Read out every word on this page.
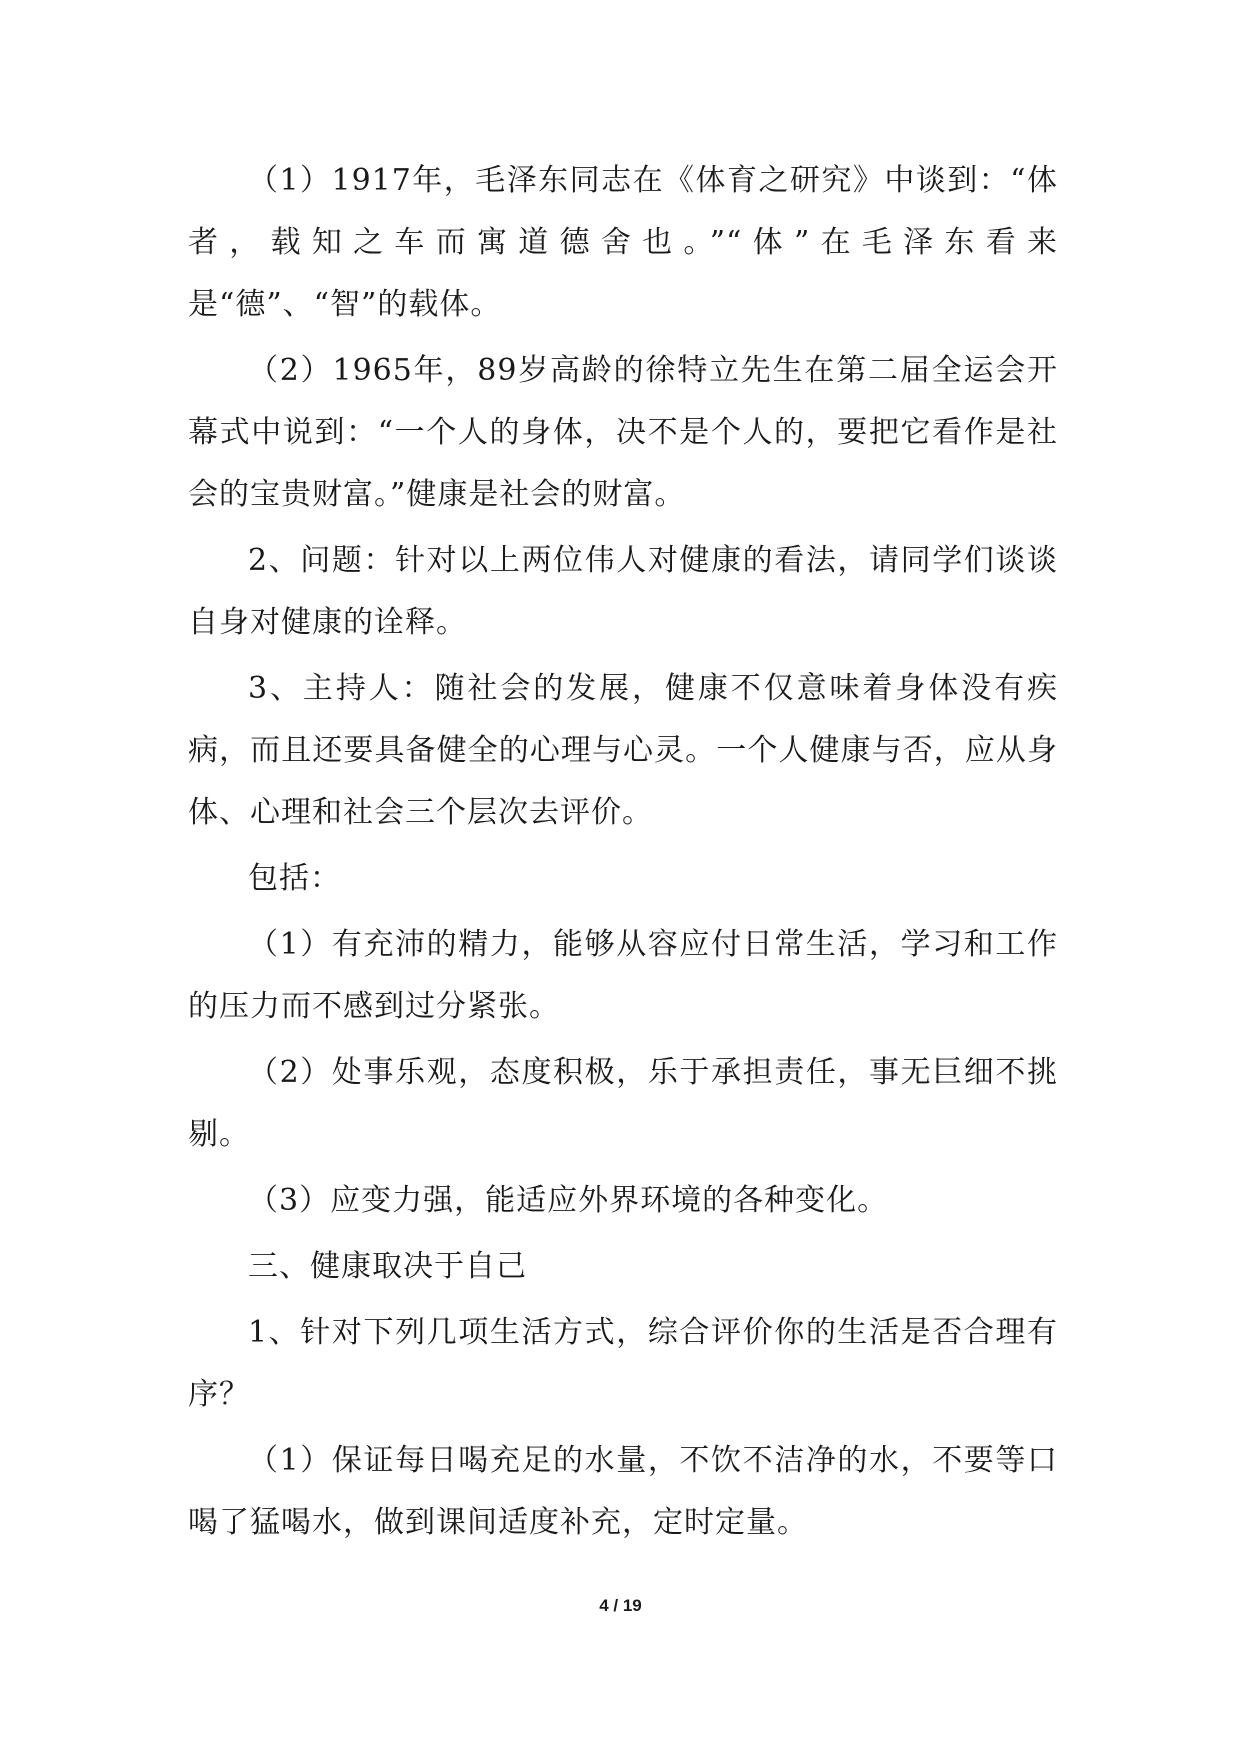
（1）1917年，毛泽东同志在《体育之研究》中谈到：“体者，载知之车而寓道德舍也。”“体”在毛泽东看来是“德”、“智”的载体。

（2）1965年，89岁高龄的徐特立先生在第二届全运会开幕式中说到：“一个人的身体，决不是个人的，要把它看作是社会的宝贵财富。”健康是社会的财富。

2、问题：针对以上两位伟人对健康的看法，请同学们谈谈自身对健康的诠释。

3、主持人：随社会的发展，健康不仅意味着身体没有疾病，而且还要具备健全的心理与心灵。一个人健康与否，应从身体、心理和社会三个层次去评价。

包括：

（1）有充沛的精力，能够从容应付日常生活，学习和工作的压力而不感到过分紧张。

（2）处事乐观，态度积极，乐于承担责任，事无巨细不挑剔。

（3）应变力强，能适应外界环境的各种变化。

三、健康取决于自己

1、针对下列几项生活方式，综合评价你的生活是否合理有序？

（1）保证每日喝充足的水量，不饮不洁净的水，不要等口喝了猛喝水，做到课间适度补充，定时定量。

4 / 19
